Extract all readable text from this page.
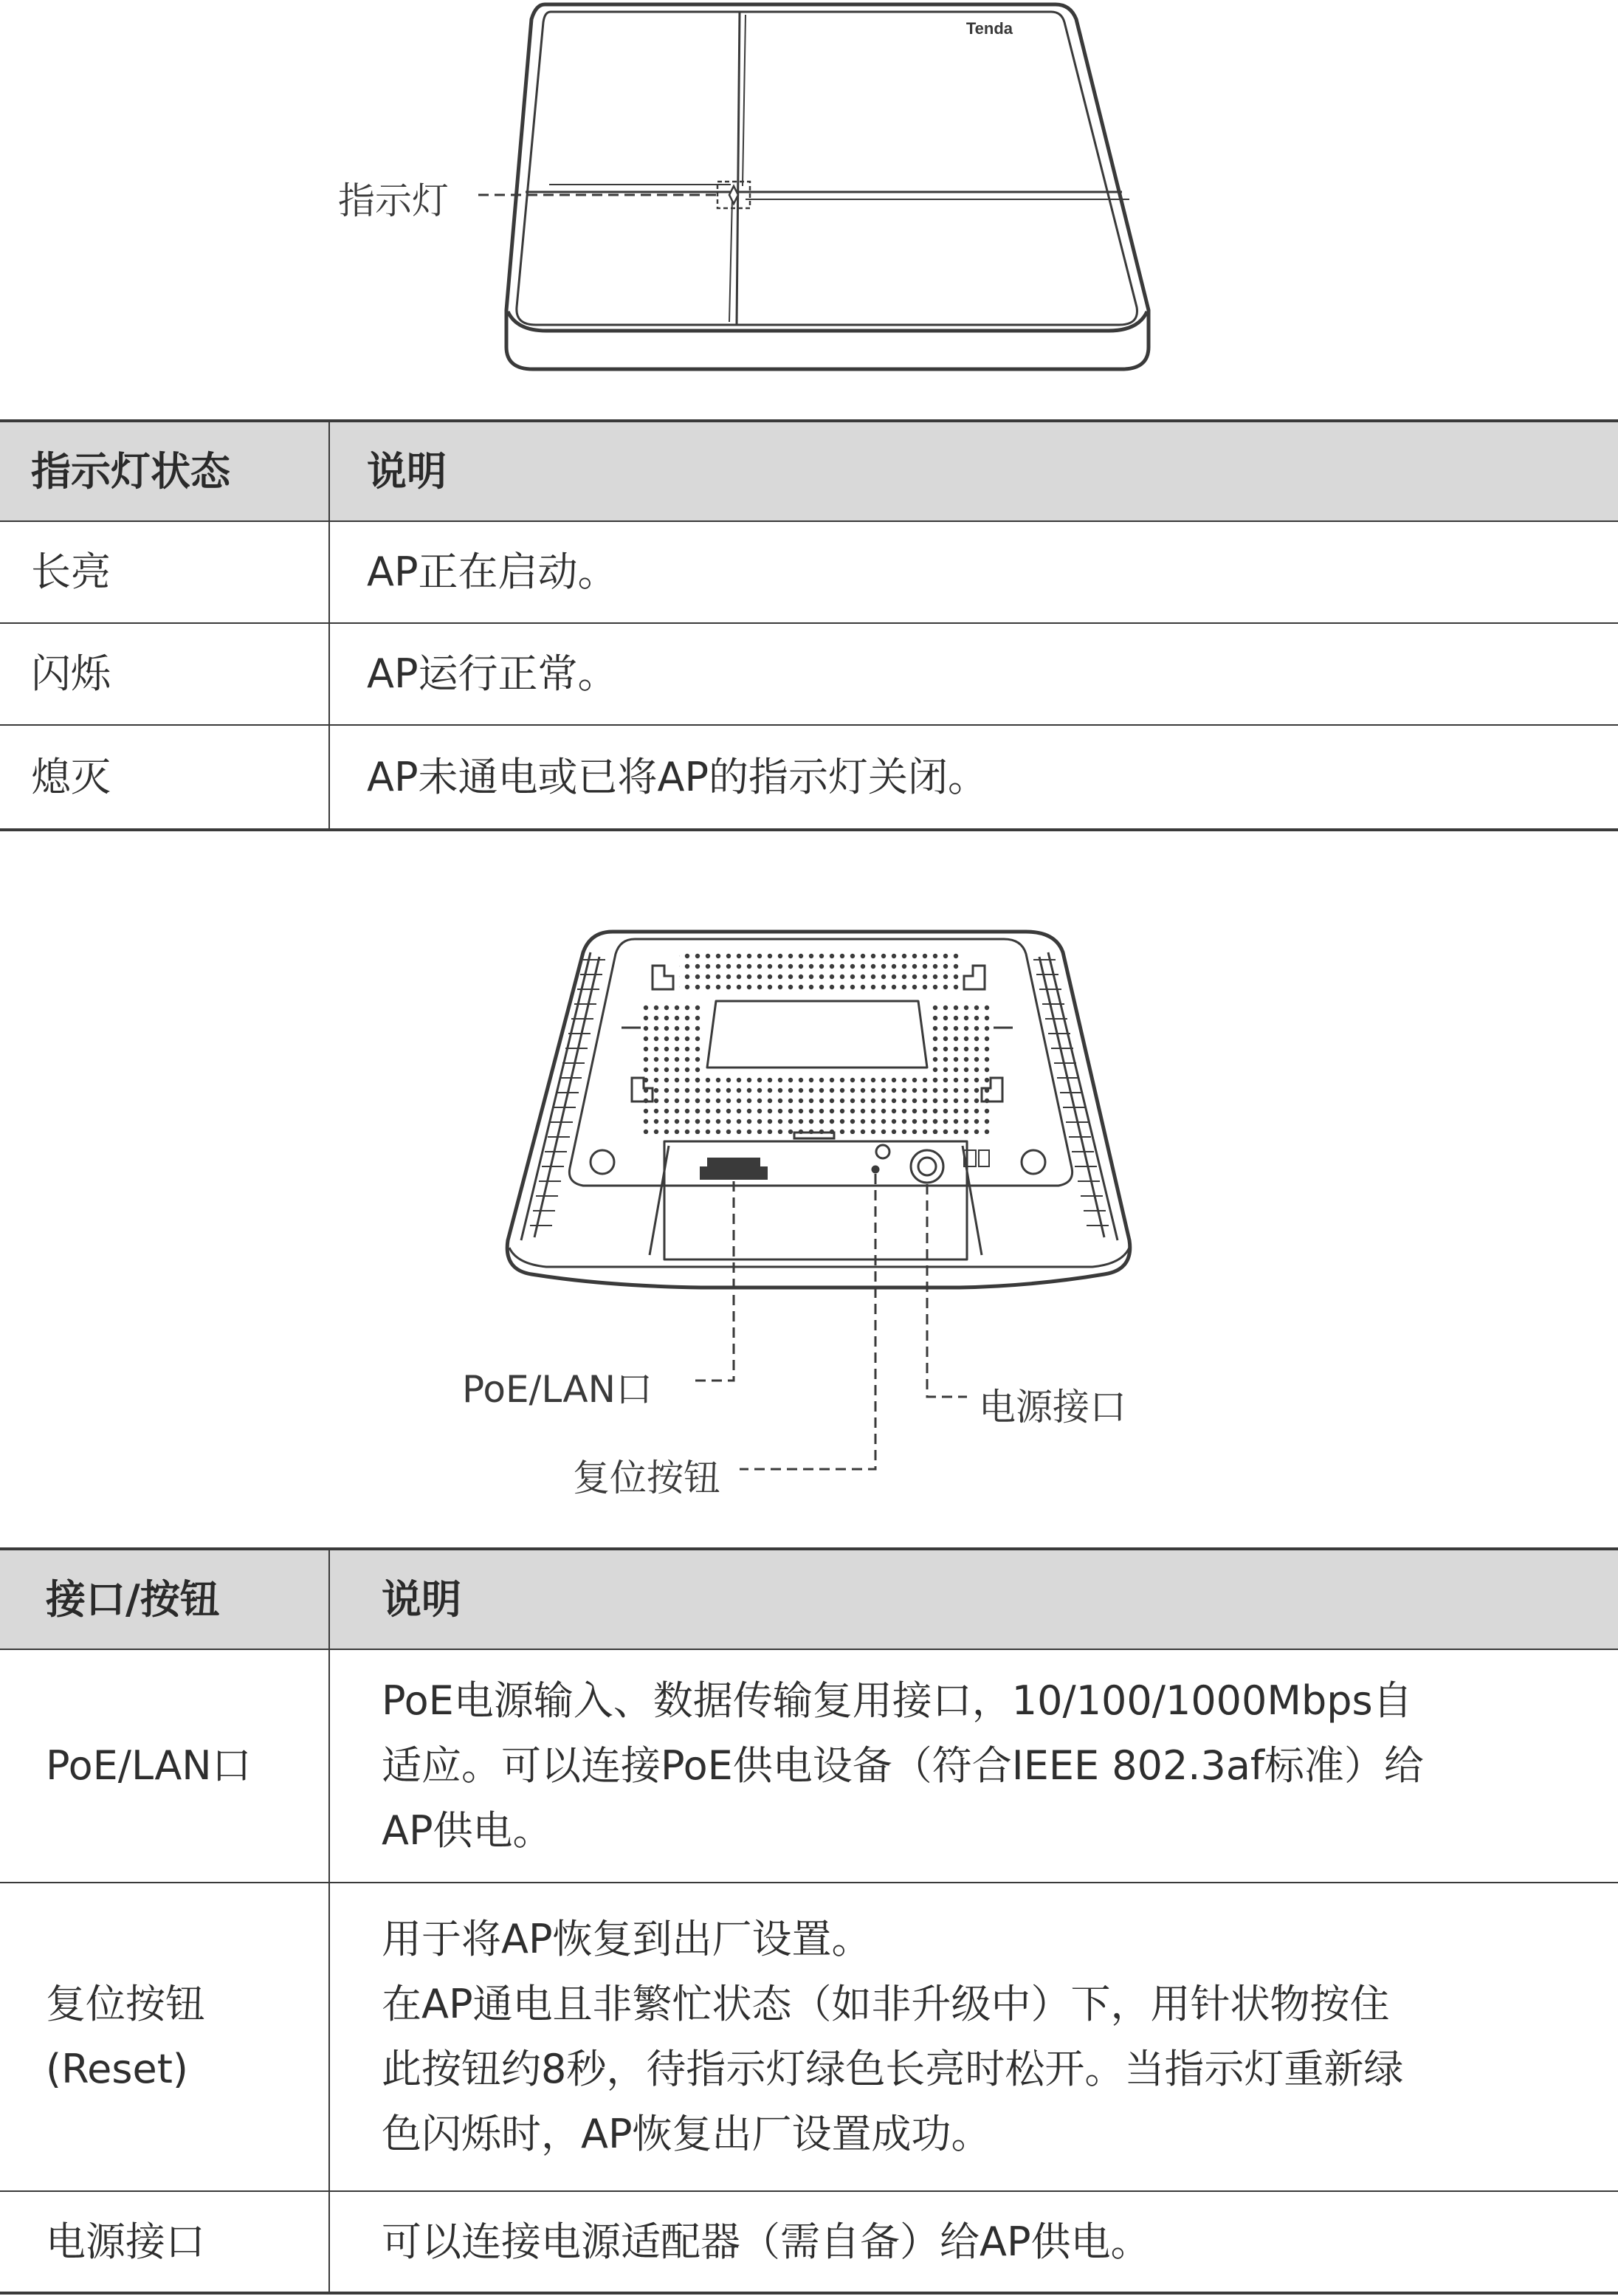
Tenda
指示灯
指示灯状态	说明
长亮	AP正在启动。
闪烁	AP运行正常。
熄灭	AP未通电或已将AP的指示灯关闭。
PoE/LAN口
复位按钮
电源接口
接口/按钮	说明
PoE/LAN口	PoE电源输入、数据传输复用接口，10/100/1000Mbps自
适应。可以连接PoE供电设备（符合IEEE 802.3af标准）给
AP供电。

复位按钮
(Reset)	用于将AP恢复到出厂设置。
在AP通电且非繁忙状态（如非升级中）下，用针状物按住
此按钮约8秒，待指示灯绿色长亮时松开。当指示灯重新绿
色闪烁时，AP恢复出厂设置成功。

电源接口	可以连接电源适配器（需自备）给AP供电。
